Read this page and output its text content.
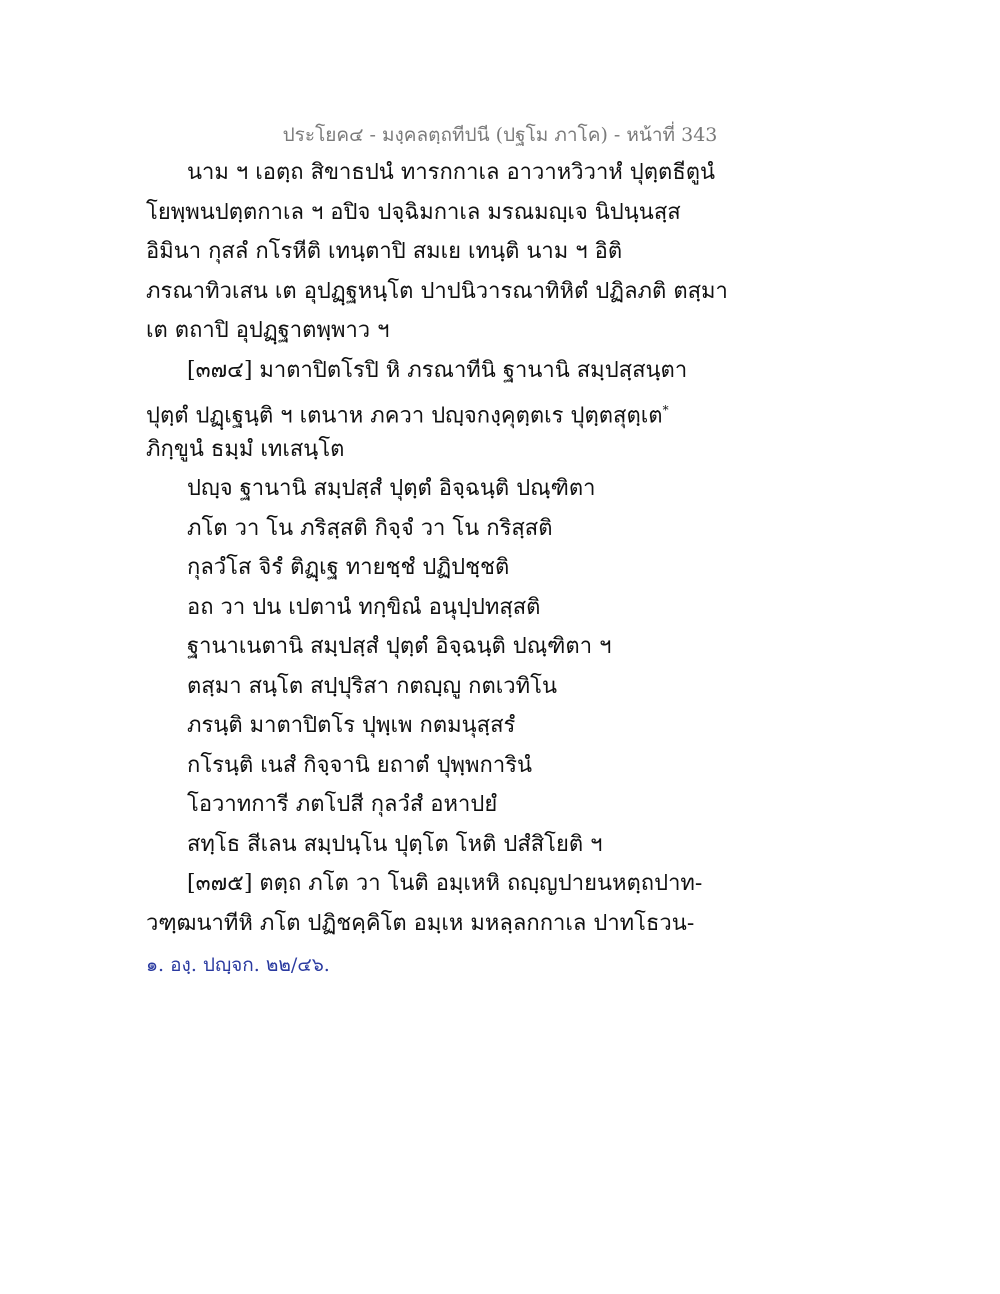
ประโยค๔ - มงฺคลตฺถทีปนี (ปฐโม ภาโค) - หน้าที่ 343
นาม ฯ เอตฺถ สิขาธปนํ ทารกกาเล อาวาหวิวาหํ ปุตฺตธีตูนํ
โยพฺพนปตฺตกาเล ฯ อปิจ ปจฺฉิมกาเล มรณมญฺเจ นิปนฺนสฺส
อิมินา กุสลํ กโรหีติ เทนฺตาปิ สมเย เทนฺติ นาม ฯ อิติ
ภรณาทิวเสน เต อุปฏฺฐหนฺโต ปาปนิวารณาทิหิตํ ปฏิลภติ ตสฺมา
เต ตถาปิ อุปฏฺฐาตพฺพาว ฯ
[๓๗๔] มาตาปิตโรปิ หิ ภรณาทีนิ ฐานานิ สมฺปสฺสนฺตา
ปุตฺตํ ปฏฺเฐนฺติ ฯ เตนาห ภควา ปญฺจกงฺคุตฺตเร ปุตฺตสุตฺเต*
ภิกฺขูนํ ธมฺมํ เทเสนฺโต
ปญฺจ ฐานานิ สมฺปสฺสํ ปุตฺตํ อิจฺฉนฺติ ปณฺฑิตา
ภโต วา โน ภริสฺสติ กิจฺจํ วา โน กริสฺสติ
กุลวํโส จิรํ ติฏฺเฐ ทายชฺชํ ปฏิปชฺชติ
อถ วา ปน เปตานํ ทกฺขิณํ อนุปฺปทสฺสติ
ฐานาเนตานิ สมฺปสฺสํ ปุตฺตํ อิจฺฉนฺติ ปณฺฑิตา ฯ
ตสฺมา สนฺโต สปฺปุริสา กตญฺญู กตเวทิโน
ภรนฺติ มาตาปิตโร ปุพฺเพ กตมนุสฺสรํ
กโรนฺติ เนสํ กิจฺจานิ ยถาตํ ปุพฺพการินํ
โอวาทการี ภตโปสี กุลวํสํ อหาปยํ
สทฺโธ สีเลน สมฺปนฺโน ปุตฺโต โหติ ปสํสิโยติ ฯ
[๓๗๕] ตตฺถ ภโต วา โนติ อมฺเหหิ ถญฺญปายนหตฺถปาท-
วฑฺฒนาทีหิ ภโต ปฏิชคฺคิโต อมฺเห มหลฺลกกาเล ปาทโธวน-
๑. องฺ. ปญฺจก. ๒๒/๔๖.
